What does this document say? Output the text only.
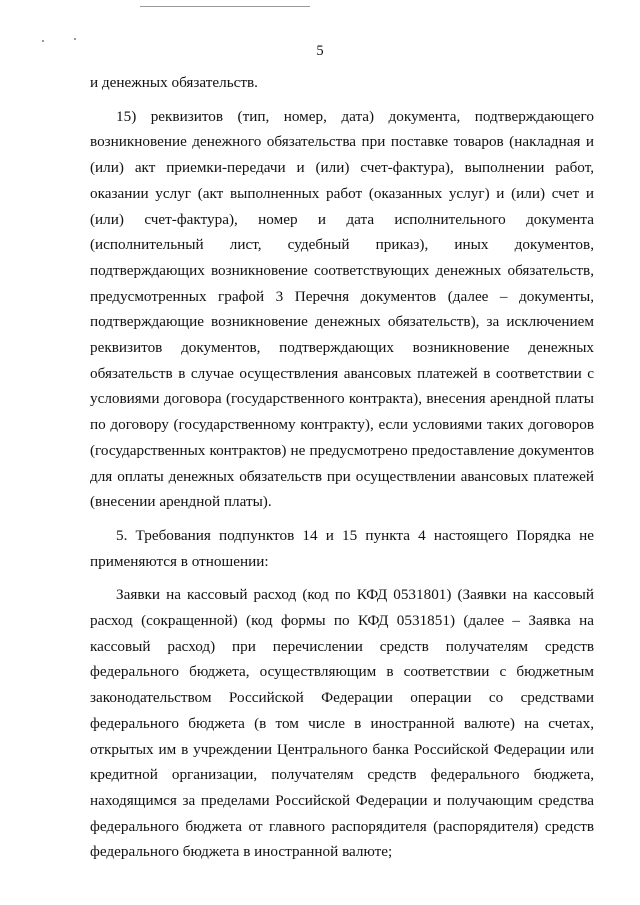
5

и денежных обязательств.

15) реквизитов (тип, номер, дата) документа, подтверждающего
возникновение денежного обязательства при поставке товаров (накладная и
(или) акт приемки-передачи и (или) счет-фактура), выполнении работ,
оказании услуг (акт выполненных работ (оказанных услуг) и (или) счет и
(или) счет-фактура), номер и дата исполнительного документа
(исполнительный лист, судебный приказ), иных документов,
подтверждающих возникновение соответствующих денежных обязательств,
предусмотренных графой 3 Перечня документов (далее – документы,
подтверждающие возникновение денежных обязательств), за исключением
реквизитов документов, подтверждающих возникновение денежных
обязательств в случае осуществления авансовых платежей в соответствии с
условиями договора (государственного контракта), внесения арендной платы
по договору (государственному контракту), если условиями таких договоров
(государственных контрактов) не предусмотрено предоставление документов
для оплаты денежных обязательств при осуществлении авансовых платежей
(внесении арендной платы).

5. Требования подпунктов 14 и 15 пункта 4 настоящего Порядка не
применяются в отношении:

Заявки на кассовый расход (код по КФД 0531801) (Заявки на кассовый
расход (сокращенной) (код формы по КФД 0531851) (далее – Заявка на
кассовый расход) при перечислении средств получателям средств
федерального бюджета, осуществляющим в соответствии с бюджетным
законодательством Российской Федерации операции со средствами
федерального бюджета (в том числе в иностранной валюте) на счетах,
открытых им в учреждении Центрального банка Российской Федерации или
кредитной организации, получателям средств федерального бюджета,
находящимся за пределами Российской Федерации и получающим средства
федерального бюджета от главного распорядителя (распорядителя) средств
федерального бюджета в иностранной валюте;
